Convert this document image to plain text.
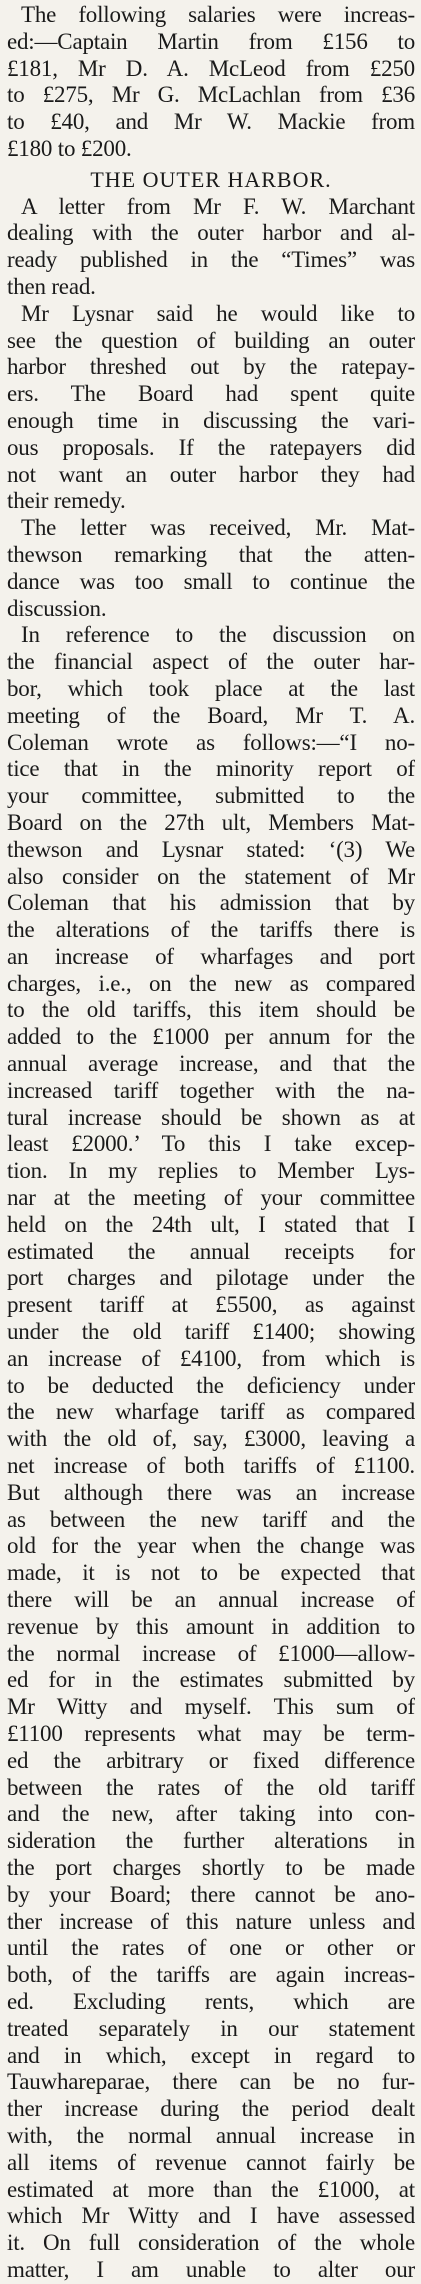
The following salaries were increas-
ed:—Captain Martin from £156 to
£181, Mr D. A. McLeod from £250
to £275, Mr G. McLachlan from £36
to £40, and Mr W. Mackie from
£180 to £200.
THE OUTER HARBOR.
A letter from Mr F. W. Marchant
dealing with the outer harbor and al-
ready published in the “Times” was
then read.
Mr Lysnar said he would like to
see the question of building an outer
harbor threshed out by the ratepay-
ers. The Board had spent quite
enough time in discussing the vari-
ous proposals. If the ratepayers did
not want an outer harbor they had
their remedy.
The letter was received, Mr. Mat-
thewson remarking that the atten-
dance was too small to continue the
discussion.
In reference to the discussion on
the financial aspect of the outer har-
bor, which took place at the last
meeting of the Board, Mr T. A.
Coleman wrote as follows:—“I no-
tice that in the minority report of
your committee, submitted to the
Board on the 27th ult, Members Mat-
thewson and Lysnar stated: ‘(3) We
also consider on the statement of Mr
Coleman that his admission that by
the alterations of the tariffs there is
an increase of wharfages and port
charges, i.e., on the new as compared
to the old tariffs, this item should be
added to the £1000 per annum for the
annual average increase, and that the
increased tariff together with the na-
tural increase should be shown as at
least £2000.’ To this I take excep-
tion. In my replies to Member Lys-
nar at the meeting of your committee
held on the 24th ult, I stated that I
estimated the annual receipts for
port charges and pilotage under the
present tariff at £5500, as against
under the old tariff £1400; showing
an increase of £4100, from which is
to be deducted the deficiency under
the new wharfage tariff as compared
with the old of, say, £3000, leaving a
net increase of both tariffs of £1100.
But although there was an increase
as between the new tariff and the
old for the year when the change was
made, it is not to be expected that
there will be an annual increase of
revenue by this amount in addition to
the normal increase of £1000—allow-
ed for in the estimates submitted by
Mr Witty and myself. This sum of
£1100 represents what may be term-
ed the arbitrary or fixed difference
between the rates of the old tariff
and the new, after taking into con-
sideration the further alterations in
the port charges shortly to be made
by your Board; there cannot be ano-
ther increase of this nature unless and
until the rates of one or other or
both, of the tariffs are again increas-
ed. Excluding rents, which are
treated separately in our statement
and in which, except in regard to
Tauwhareparae, there can be no fur-
ther increase during the period dealt
with, the normal annual increase in
all items of revenue cannot fairly be
estimated at more than the £1000, at
which Mr Witty and I have assessed
it. On full consideration of the whole
matter, I am unable to alter our
